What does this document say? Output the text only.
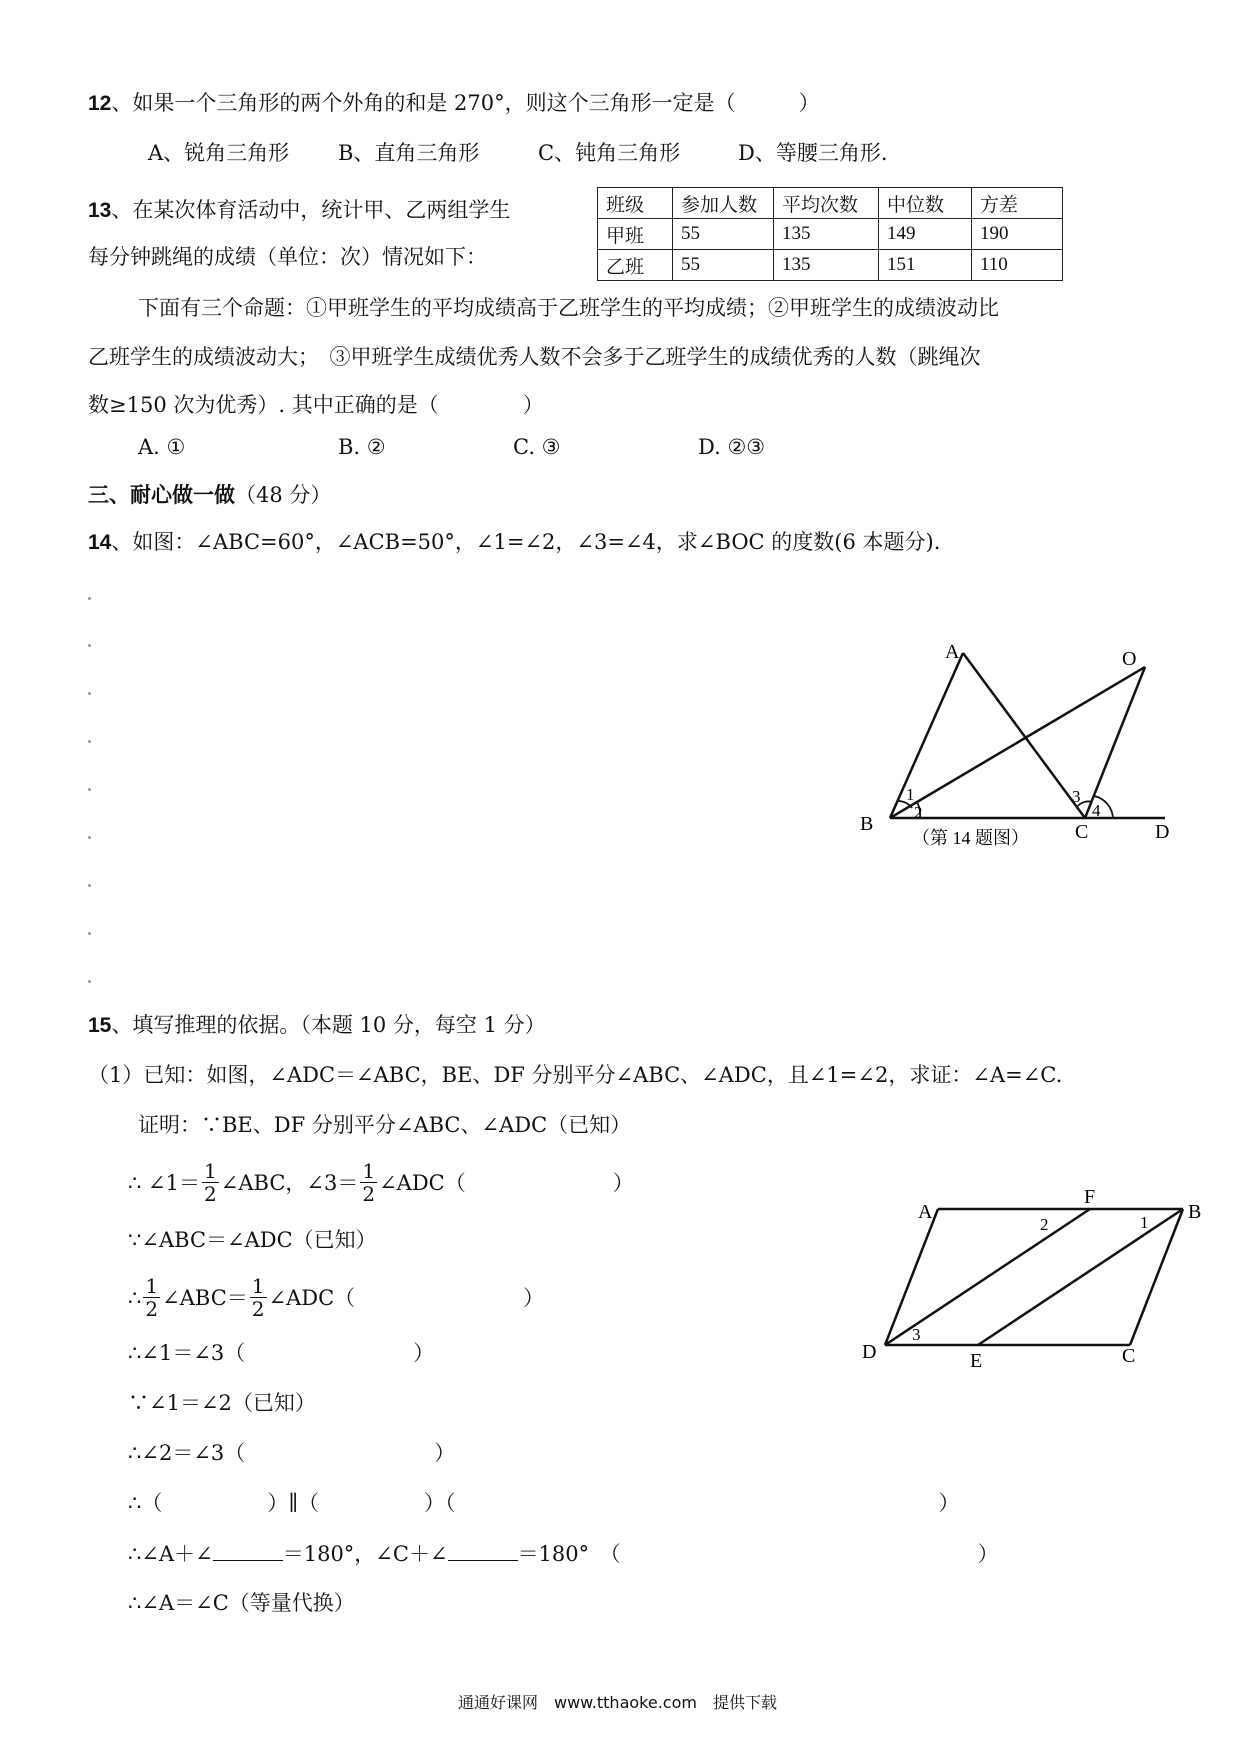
12、如果一个三角形的两个外角的和是 270°，则这个三角形一定是（　　　）
A、锐角三角形 B、直角三角形	C、钝角三角形	D、等腰三角形.
13、在某次体育活动中，统计甲、乙两组学生
每分钟跳绳的成绩（单位：次）情况如下：
班级	参加人数	平均次数	中位数	方差
甲班	55	135	149	190
乙班	55	135	151	110
下面有三个命题：①甲班学生的平均成绩高于乙班学生的平均成绩；②甲班学生的成绩波动比
乙班学生的成绩波动大；　③甲班学生成绩优秀人数不会多于乙班学生的成绩优秀的人数（跳绳次
数≥150 次为优秀）. 其中正确的是（　　　　）
A. ①	B. ②	C. ③	D. ②③
三、耐心做一做（48 分）
14、如图：∠ABC=60°，∠ACB=50°，∠1=∠2，∠3=∠4，求∠BOC 的度数(6 本题分).
A	O
B	C	D
1
2
3
4
（第 14 题图）
15、填写推理的依据。（本题 10 分，每空 1 分）
（1）已知：如图，∠ADC＝∠ABC，BE、DF 分别平分∠ABC、∠ADC，且∠1=∠2，求证：∠A=∠C.
证明：∵BE、DF 分别平分∠ABC、∠ADC（已知）
∴ ∠1＝ $\frac{1}{2}$ ∠ABC，∠3＝ $\frac{1}{2}$ ∠ADC（　　　　　　　）
∵∠ABC＝∠ADC（已知）
∴ $\frac{1}{2}$ ∠ABC＝ $\frac{1}{2}$ ∠ADC（　　　　　　　　）
∴∠1＝∠3（　　　　　　　　）
∵∠1＝∠2（已知）
∴∠2＝∠3（　　　　　　　　　）
∴（　　　　　）∥（　　　　　）（　　　　　　　　　　　　　　　　　　　　　　　）
∴∠A＋∠	＝180°，∠C＋∠	＝180°　（　　　　　　　　　　　　　　　　　）
∴∠A＝∠C（等量代换）
A
F
B
D	E	C
2	1
3
通通好课网　www.tthaoke.com　提供下载
